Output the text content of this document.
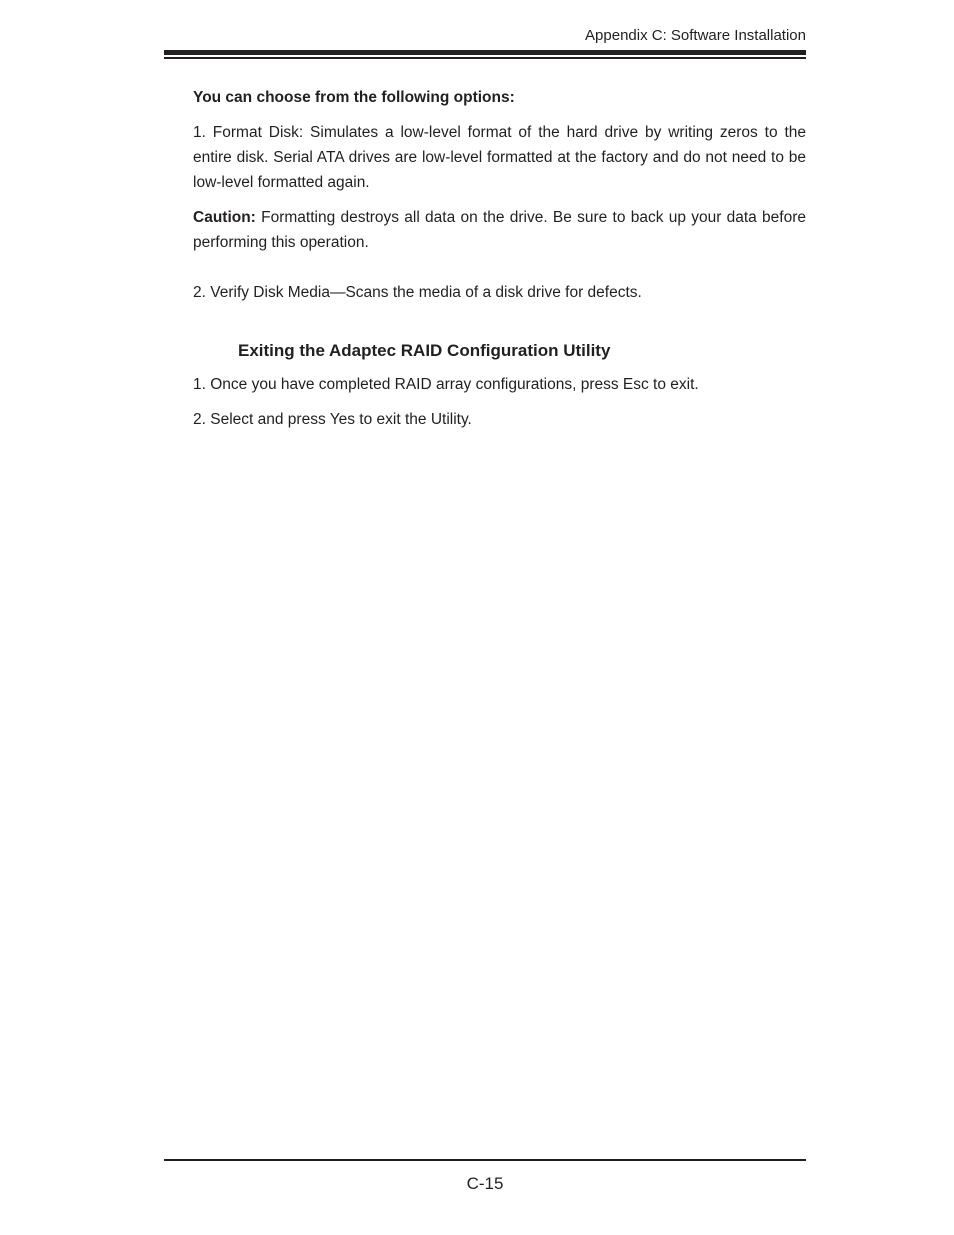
Appendix C: Software Installation

You can choose from the following options:

1. Format Disk: Simulates a low-level format of the hard drive by writing zeros to the entire disk. Serial ATA drives are low-level formatted at the factory and do not need to be low-level formatted again.

Caution: Formatting destroys all data on the drive. Be sure to back up your data before performing this operation.

2. Verify Disk Media—Scans the media of a disk drive for defects.

Exiting the Adaptec RAID Configuration Utility

1. Once you have completed RAID array configurations, press Esc to exit.

2. Select and press Yes to exit the Utility.

C-15
